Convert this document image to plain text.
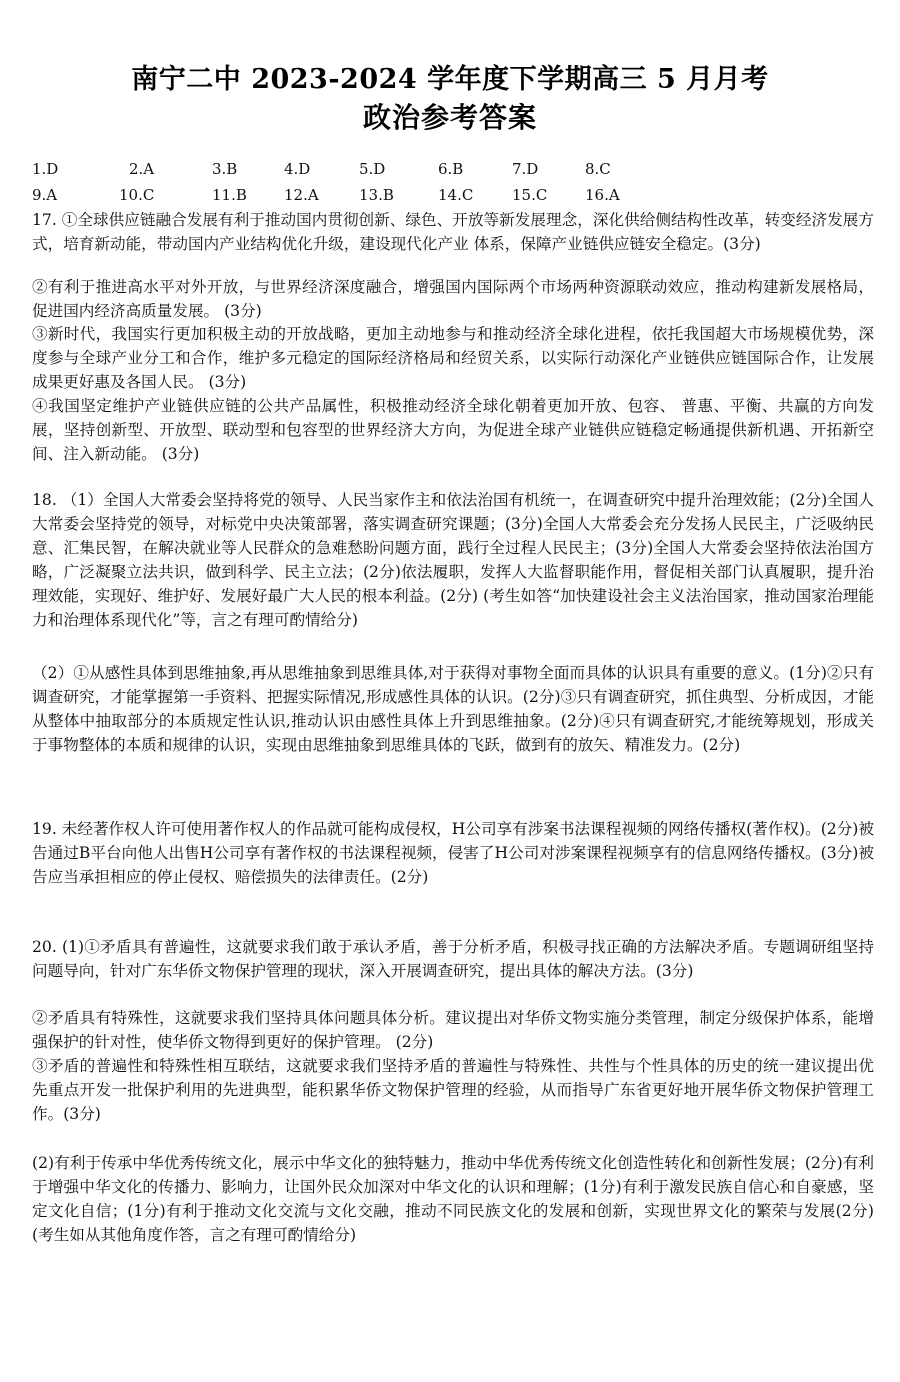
南宁二中 2023-2024 学年度下学期高三 5 月月考
政治参考答案
1.D	2.A	3.B	4.D	5.D	6.B	7.D	8.C
9.A	10.C	11.B 12.A	13.B	14.C	15.C	16.A

17. ①全球供应链融合发展有利于推动国内贯彻创新、绿色、开放等新发展理念，深化供给侧结构性改革，转变经济发展方式，培育新动能，带动国内产业结构优化升级，建设现代化产业 体系，保障产业链供应链安全稳定。(3分)

②有利于推进高水平对外开放，与世界经济深度融合，增强国内国际两个市场两种资源联动效应，推动构建新发展格局，促进国内经济高质量发展。 (3分)

③新时代，我国实行更加积极主动的开放战略，更加主动地参与和推动经济全球化进程，依托我国超大市场规模优势，深度参与全球产业分工和合作，维护多元稳定的国际经济格局和经贸关系，以实际行动深化产业链供应链国际合作，让发展成果更好惠及各国人民。 (3分)

④我国坚定维护产业链供应链的公共产品属性，积极推动经济全球化朝着更加开放、包容、 普惠、平衡、共赢的方向发展，坚持创新型、开放型、联动型和包容型的世界经济大方向，为促进全球产业链供应链稳定畅通提供新机遇、开拓新空间、注入新动能。 (3分)

18. （1）全国人大常委会坚持将党的领导、人民当家作主和依法治国有机统一，在调查研究中提升治理效能；(2分)全国人大常委会坚持党的领导，对标党中央决策部署，落实调查研究课题；(3分)全国人大常委会充分发扬人民民主，广泛吸纳民意、汇集民智，在解决就业等人民群众的急难愁盼问题方面，践行全过程人民民主；(3分)全国人大常委会坚持依法治国方略，广泛凝聚立法共识，做到科学、民主立法；(2分)依法履职，发挥人大监督职能作用，督促相关部门认真履职，提升治理效能，实现好、维护好、发展好最广大人民的根本利益。(2分) (考生如答“加快建设社会主义法治国家，推动国家治理能力和治理体系现代化”等，言之有理可酌情给分)

（2）①从感性具体到思维抽象,再从思维抽象到思维具体,对于获得对事物全面而具体的认识具有重要的意义。(1分)②只有调查研究，才能掌握第一手资料、把握实际情况,形成感性具体的认识。(2分)③只有调查研究，抓住典型、分析成因，才能从整体中抽取部分的本质规定性认识,推动认识由感性具体上升到思维抽象。(2分)④只有调查研究,才能统筹规划，形成关于事物整体的本质和规律的认识，实现由思维抽象到思维具体的飞跃，做到有的放矢、精准发力。(2分)

19. 未经著作权人许可使用著作权人的作品就可能构成侵权，H公司享有涉案书法课程视频的网络传播权(著作权)。(2分)被告通过B平台向他人出售H公司享有著作权的书法课程视频，侵害了H公司对涉案课程视频享有的信息网络传播权。(3分)被告应当承担相应的停止侵权、赔偿损失的法律责任。(2分)

20. (1)①矛盾具有普遍性，这就要求我们敢于承认矛盾，善于分析矛盾，积极寻找正确的方法解决矛盾。专题调研组坚持问题导向，针对广东华侨文物保护管理的现状，深入开展调查研究，提出具体的解决方法。(3分)

②矛盾具有特殊性，这就要求我们坚持具体问题具体分析。建议提出对华侨文物实施分类管理，制定分级保护体系，能增强保护的针对性，使华侨文物得到更好的保护管理。 (2分)

③矛盾的普遍性和特殊性相互联结，这就要求我们坚持矛盾的普遍性与特殊性、共性与个性具体的历史的统一建议提出优先重点开发一批保护利用的先进典型，能积累华侨文物保护管理的经验，从而指导广东省更好地开展华侨文物保护管理工作。(3分)

(2)有利于传承中华优秀传统文化，展示中华文化的独特魅力，推动中华优秀传统文化创造性转化和创新性发展；(2分)有利于增强中华文化的传播力、影响力，让国外民众加深对中华文化的认识和理解；(1分)有利于激发民族自信心和自豪感，坚定文化自信；(1分)有利于推动文化交流与文化交融，推动不同民族文化的发展和创新，实现世界文化的繁荣与发展(2分)(考生如从其他角度作答，言之有理可酌情给分)
